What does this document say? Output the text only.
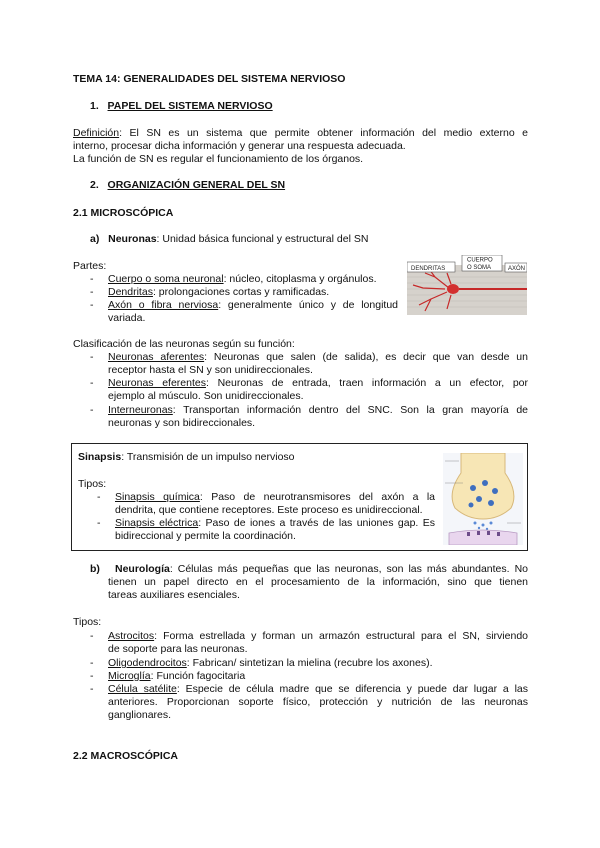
TEMA 14: GENERALIDADES DEL SISTEMA NERVIOSO
1. PAPEL DEL SISTEMA NERVIOSO
Definición: El SN es un sistema que permite obtener información del medio externo e
interno, procesar dicha información y generar una respuesta adecuada.
La función de SN es regular el funcionamiento de los órganos.
2. ORGANIZACIÓN GENERAL DEL SN
2.1 MICROSCÓPICA
a) Neuronas: Unidad básica funcional y estructural del SN
Partes:
- Cuerpo o soma neuronal: núcleo, citoplasma y orgánulos.
- Dendritas: prolongaciones cortas y ramificadas.
- Axón o fibra nerviosa: generalmente único y de longitud
variada.
DENDRITAS
CUERPO
O SOMA	AXÓN
Clasificación de las neuronas según su función:
- Neuronas aferentes: Neuronas que salen (de salida), es decir que van desde un
receptor hasta el SN y son unidireccionales.
- Neuronas eferentes: Neuronas de entrada, traen información a un efector, por
ejemplo al músculo. Son unidireccionales.
- Interneuronas: Transportan información dentro del SNC. Son la gran mayoría de
neuronas y son bidireccionales.
Sinapsis: Transmisión de un impulso nervioso
Tipos:
- Sinapsis química: Paso de neurotransmisores del axón a la
dendrita, que contiene receptores. Este proceso es unidireccional.
- Sinapsis eléctrica: Paso de iones a través de las uniones gap. Es
bidireccional y permite la coordinación.
b) Neurología: Células más pequeñas que las neuronas, son las más abundantes. No
tienen un papel directo en el procesamiento de la información, sino que tienen
tareas auxiliares esenciales.
Tipos:
- Astrocitos: Forma estrellada y forman un armazón estructural para el SN, sirviendo
de soporte para las neuronas.
- Oligodendrocitos: Fabrican/ sintetizan la mielina (recubre los axones).
- Microglía: Función fagocitaria
- Célula satélite: Especie de célula madre que se diferencia y puede dar lugar a las
anteriores. Proporcionan soporte físico, protección y nutrición de las neuronas
ganglionares.
2.2 MACROSCÓPICA
